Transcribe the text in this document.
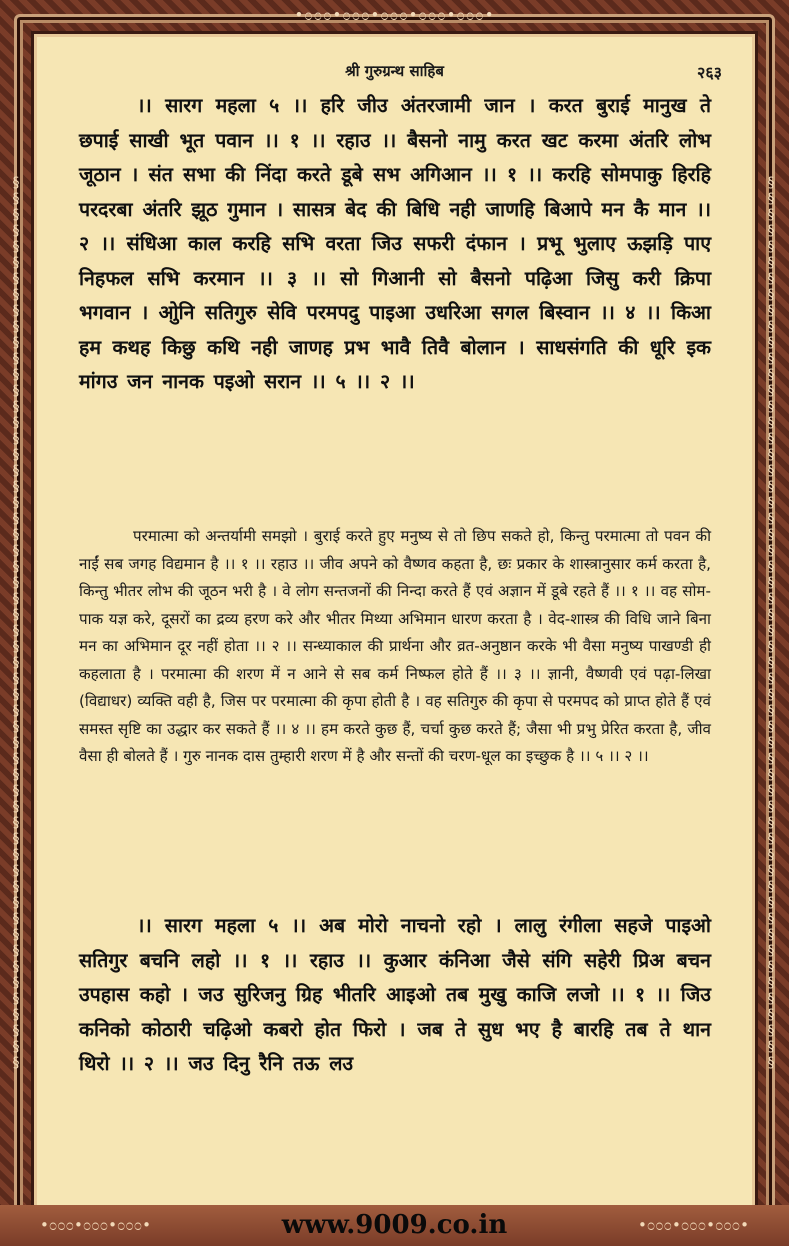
•೦೦೦•೦೦೦•೦೦೦•೦೦೦•೦೦೦•
§§§§§§§§§§§§§§§§§§§§§§§§§§§§§§§§§§§§§§§§§§§§§§§§§§§§§§§§	§§§§§§§§§§§§§§§§§§§§§§§§§§§§§§§§§§§§§§§§§§§§§§§§§§§§§§§§
श्री गुरुग्रन्थ साहिब	२६३

।। सारग महला ५ ।। हरि जीउ अंतरजामी जान । करत बुराई मानुख ते छपाई साखी भूत पवान ।। १ ।। रहाउ ।। बैसनो नामु करत खट करमा अंतरि लोभ जूठान । संत सभा की निंदा करते डूबे सभ अगिआन ।। १ ।। करहि सोमपाकु हिरहि परदरबा अंतरि झूठ गुमान । सासत्र बेद की बिधि नही जाणहि बिआपे मन कै मान ।। २ ।। संधिआ काल करहि सभि वरता जिउ सफरी दंफान । प्रभू भुलाए ऊझड़ि पाए निहफल सभि करमान ।। ३ ।। सो गिआनी सो बैसनो पढ़िआ जिसु करी क्रिपा भगवान । ओुनि सतिगुरु सेवि परमपदु पाइआ उधरिआ सगल बिस्वान ।। ४ ।। किआ हम कथह किछु कथि नही जाणह प्रभ भावै तिवै बोलान । साधसंगति की धूरि इक मांगउ जन नानक पइओ सरान ।। ५ ।। २ ।।

परमात्मा को अन्तर्यामी समझो । बुराई करते हुए मनुष्य से तो छिप सकते हो, किन्तु परमात्मा तो पवन की नाईं सब जगह विद्यमान है ।। १ ।। रहाउ ।। जीव अपने को वैष्णव कहता है, छः प्रकार के शास्त्रानुसार कर्म करता है, किन्तु भीतर लोभ की जूठन भरी है । वे लोग सन्तजनों की निन्दा करते हैं एवं अज्ञान में डूबे रहते हैं ।। १ ।। वह सोम-पाक यज्ञ करे, दूसरों का द्रव्य हरण करे और भीतर मिथ्या अभिमान धारण करता है । वेद-शास्त्र की विधि जाने बिना मन का अभिमान दूर नहीं होता ।। २ ।। सन्ध्याकाल की प्रार्थना और व्रत-अनुष्ठान करके भी वैसा मनुष्य पाखण्डी ही कहलाता है । परमात्मा की शरण में न आने से सब कर्म निष्फल होते हैं ।। ३ ।। ज्ञानी, वैष्णवी एवं पढ़ा-लिखा (विद्याधर) व्यक्ति वही है, जिस पर परमात्मा की कृपा होती है । वह सतिगुरु की कृपा से परमपद को प्राप्त होते हैं एवं समस्त सृष्टि का उद्धार कर सकते हैं ।। ४ ।। हम करते कुछ हैं, चर्चा कुछ करते हैं; जैसा भी प्रभु प्रेरित करता है, जीव वैसा ही बोलते हैं । गुरु नानक दास तुम्हारी शरण में है और सन्तों की चरण-धूल का इच्छुक है ।। ५ ।। २ ।।

।। सारग महला ५ ।। अब मोरो नाचनो रहो । लालु रंगीला सहजे पाइओ सतिगुर बचनि लहो ।। १ ।। रहाउ ।। कुआर कंनिआ जैसे संगि सहेरी प्रिअ बचन उपहास कहो । जउ सुरिजनु ग्रिह भीतरि आइओ तब मुखु काजि लजो ।। १ ।। जिउ कनिको कोठारी चढ़िओ कबरो होत फिरो । जब ते सुध भए है बारहि तब ते थान थिरो ।। २ ।। जउ दिनु रैनि तऊ लउ

•೦೦೦•೦೦೦•೦೦೦•	www.9009.co.in	•೦೦೦•೦೦೦•೦೦೦•
